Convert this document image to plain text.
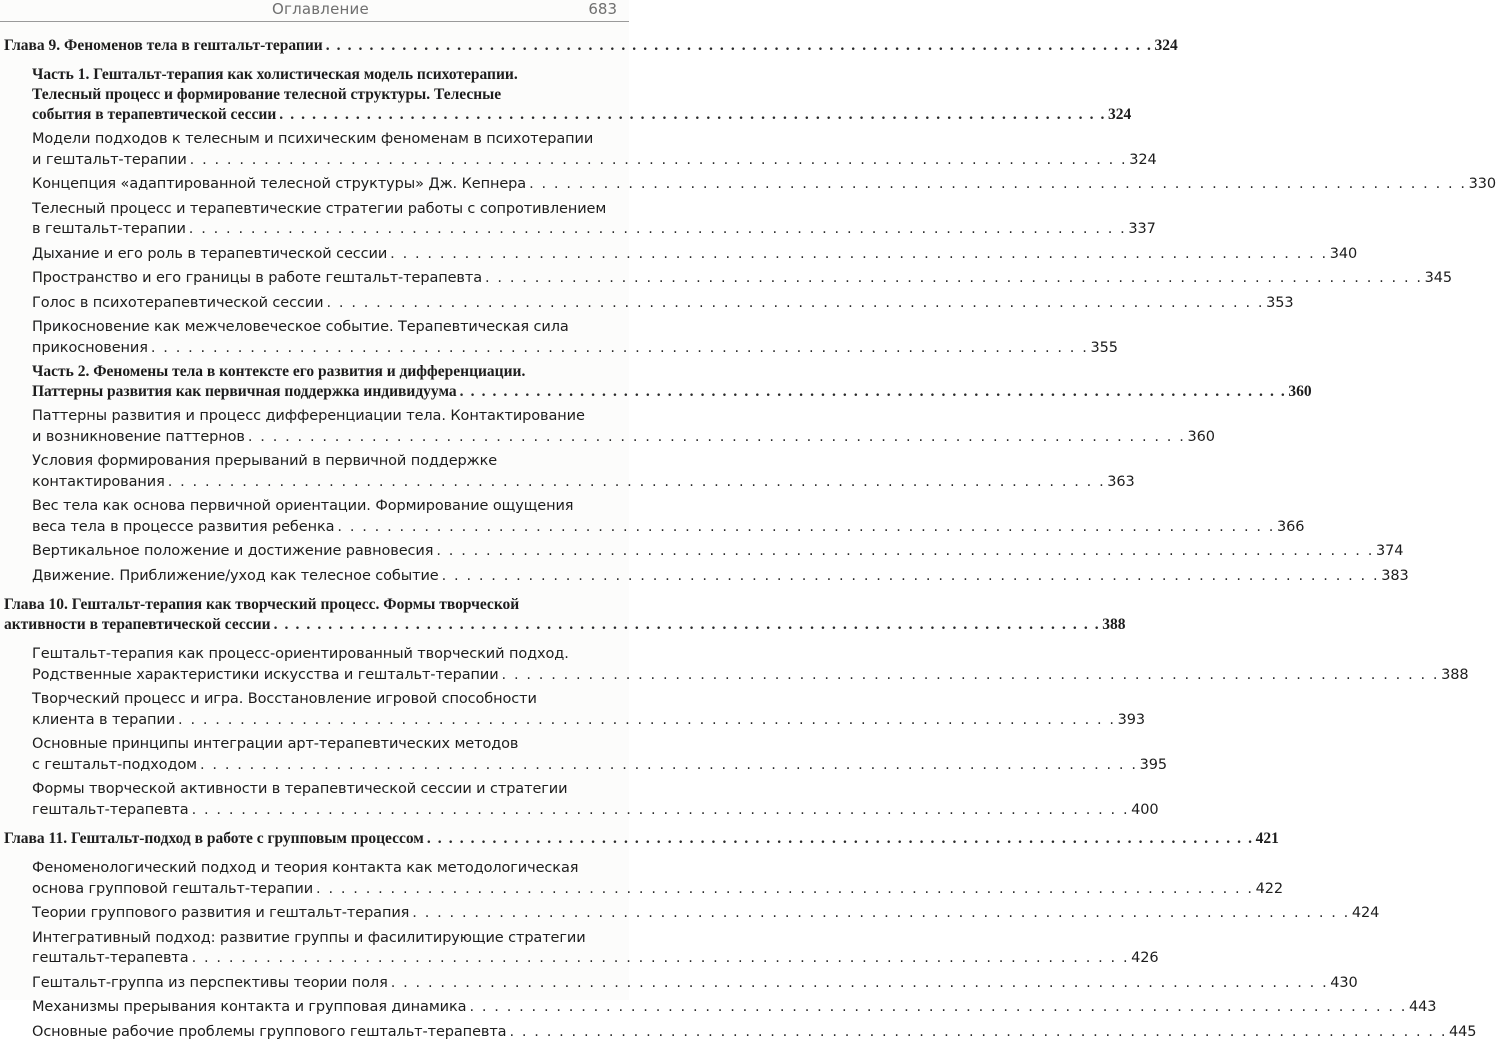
Оглавление	683
Глава 9. Феноменов тела в гештальт-терапии . . . . . . . . . . . . . . . . . . . . . . . . . . . . . . . . . . . . . . . . . . . . . . . . . . . . . . . . . . . . . . . . . . . . . . . . . . . . 324
Часть 1. Гештальт-терапия как холистическая модель психотерапии.
Телесный процесс и формирование телесной структуры. Телесные
события в терапевтической сессии . . . . . . . . . . . . . . . . . . . . . . . . . . . . . . . . . . . . . . . . . . . . . . . . . . . . . . . . . . . . . . . . . . . . . . . . . . . . 324
Модели подходов к телесным и психическим феноменам в психотерапии
и гештальт-терапии . . . . . . . . . . . . . . . . . . . . . . . . . . . . . . . . . . . . . . . . . . . . . . . . . . . . . . . . . . . . . . . . . . . . . . . . . . . . 324
Концепция «адаптированной телесной структуры» Дж. Кепнера . . . . . . . . . . . . . . . . . . . . . . . . . . . . . . . . . . . . . . . . . . . . . . . . . . . . . . . . . . . . . . . . . . . . . . . . . . . . 330
Телесный процесс и терапевтические стратегии работы с сопротивлением
в гештальт-терапии . . . . . . . . . . . . . . . . . . . . . . . . . . . . . . . . . . . . . . . . . . . . . . . . . . . . . . . . . . . . . . . . . . . . . . . . . . . . 337
Дыхание и его роль в терапевтической сессии . . . . . . . . . . . . . . . . . . . . . . . . . . . . . . . . . . . . . . . . . . . . . . . . . . . . . . . . . . . . . . . . . . . . . . . . . . . . 340
Пространство и его границы в работе гештальт-терапевта . . . . . . . . . . . . . . . . . . . . . . . . . . . . . . . . . . . . . . . . . . . . . . . . . . . . . . . . . . . . . . . . . . . . . . . . . . . . 345
Голос в психотерапевтической сессии . . . . . . . . . . . . . . . . . . . . . . . . . . . . . . . . . . . . . . . . . . . . . . . . . . . . . . . . . . . . . . . . . . . . . . . . . . . . 353
Прикосновение как межчеловеческое событие. Терапевтическая сила
прикосновения . . . . . . . . . . . . . . . . . . . . . . . . . . . . . . . . . . . . . . . . . . . . . . . . . . . . . . . . . . . . . . . . . . . . . . . . . . . . 355
Часть 2. Феномены тела в контексте его развития и дифференциации.
Паттерны развития как первичная поддержка индивидуума . . . . . . . . . . . . . . . . . . . . . . . . . . . . . . . . . . . . . . . . . . . . . . . . . . . . . . . . . . . . . . . . . . . . . . . . . . . . 360
Паттерны развития и процесс дифференциации тела. Контактирование
и возникновение паттернов . . . . . . . . . . . . . . . . . . . . . . . . . . . . . . . . . . . . . . . . . . . . . . . . . . . . . . . . . . . . . . . . . . . . . . . . . . . . 360
Условия формирования прерываний в первичной поддержке
контактирования . . . . . . . . . . . . . . . . . . . . . . . . . . . . . . . . . . . . . . . . . . . . . . . . . . . . . . . . . . . . . . . . . . . . . . . . . . . . 363
Вес тела как основа первичной ориентации. Формирование ощущения
веса тела в процессе развития ребенка . . . . . . . . . . . . . . . . . . . . . . . . . . . . . . . . . . . . . . . . . . . . . . . . . . . . . . . . . . . . . . . . . . . . . . . . . . . . 366
Вертикальное положение и достижение равновесия . . . . . . . . . . . . . . . . . . . . . . . . . . . . . . . . . . . . . . . . . . . . . . . . . . . . . . . . . . . . . . . . . . . . . . . . . . . . 374
Движение. Приближение/уход как телесное событие . . . . . . . . . . . . . . . . . . . . . . . . . . . . . . . . . . . . . . . . . . . . . . . . . . . . . . . . . . . . . . . . . . . . . . . . . . . . 383
Глава 10. Гештальт-терапия как творческий процесс. Формы творческой
активности в терапевтической сессии . . . . . . . . . . . . . . . . . . . . . . . . . . . . . . . . . . . . . . . . . . . . . . . . . . . . . . . . . . . . . . . . . . . . . . . . . . . . 388
Гештальт-терапия как процесс-ориентированный творческий подход.
Родственные характеристики искусства и гештальт-терапии . . . . . . . . . . . . . . . . . . . . . . . . . . . . . . . . . . . . . . . . . . . . . . . . . . . . . . . . . . . . . . . . . . . . . . . . . . . . 388
Творческий процесс и игра. Восстановление игровой способности
клиента в терапии . . . . . . . . . . . . . . . . . . . . . . . . . . . . . . . . . . . . . . . . . . . . . . . . . . . . . . . . . . . . . . . . . . . . . . . . . . . . 393
Основные принципы интеграции арт-терапевтических методов
с гештальт-подходом . . . . . . . . . . . . . . . . . . . . . . . . . . . . . . . . . . . . . . . . . . . . . . . . . . . . . . . . . . . . . . . . . . . . . . . . . . . . 395
Формы творческой активности в терапевтической сессии и стратегии
гештальт-терапевта . . . . . . . . . . . . . . . . . . . . . . . . . . . . . . . . . . . . . . . . . . . . . . . . . . . . . . . . . . . . . . . . . . . . . . . . . . . . 400
Глава 11. Гештальт-подход в работе с групповым процессом . . . . . . . . . . . . . . . . . . . . . . . . . . . . . . . . . . . . . . . . . . . . . . . . . . . . . . . . . . . . . . . . . . . . . . . . . . . . 421
Феноменологический подход и теория контакта как методологическая
основа групповой гештальт-терапии . . . . . . . . . . . . . . . . . . . . . . . . . . . . . . . . . . . . . . . . . . . . . . . . . . . . . . . . . . . . . . . . . . . . . . . . . . . . 422
Теории группового развития и гештальт-терапия . . . . . . . . . . . . . . . . . . . . . . . . . . . . . . . . . . . . . . . . . . . . . . . . . . . . . . . . . . . . . . . . . . . . . . . . . . . . 424
Интегративный подход: развитие группы и фасилитирующие стратегии
гештальт-терапевта . . . . . . . . . . . . . . . . . . . . . . . . . . . . . . . . . . . . . . . . . . . . . . . . . . . . . . . . . . . . . . . . . . . . . . . . . . . . 426
Гештальт-группа из перспективы теории поля . . . . . . . . . . . . . . . . . . . . . . . . . . . . . . . . . . . . . . . . . . . . . . . . . . . . . . . . . . . . . . . . . . . . . . . . . . . . 430
Механизмы прерывания контакта и групповая динамика . . . . . . . . . . . . . . . . . . . . . . . . . . . . . . . . . . . . . . . . . . . . . . . . . . . . . . . . . . . . . . . . . . . . . . . . . . . . 443
Основные рабочие проблемы группового гештальт-терапевта . . . . . . . . . . . . . . . . . . . . . . . . . . . . . . . . . . . . . . . . . . . . . . . . . . . . . . . . . . . . . . . . . . . . . . . . . . . . 445
